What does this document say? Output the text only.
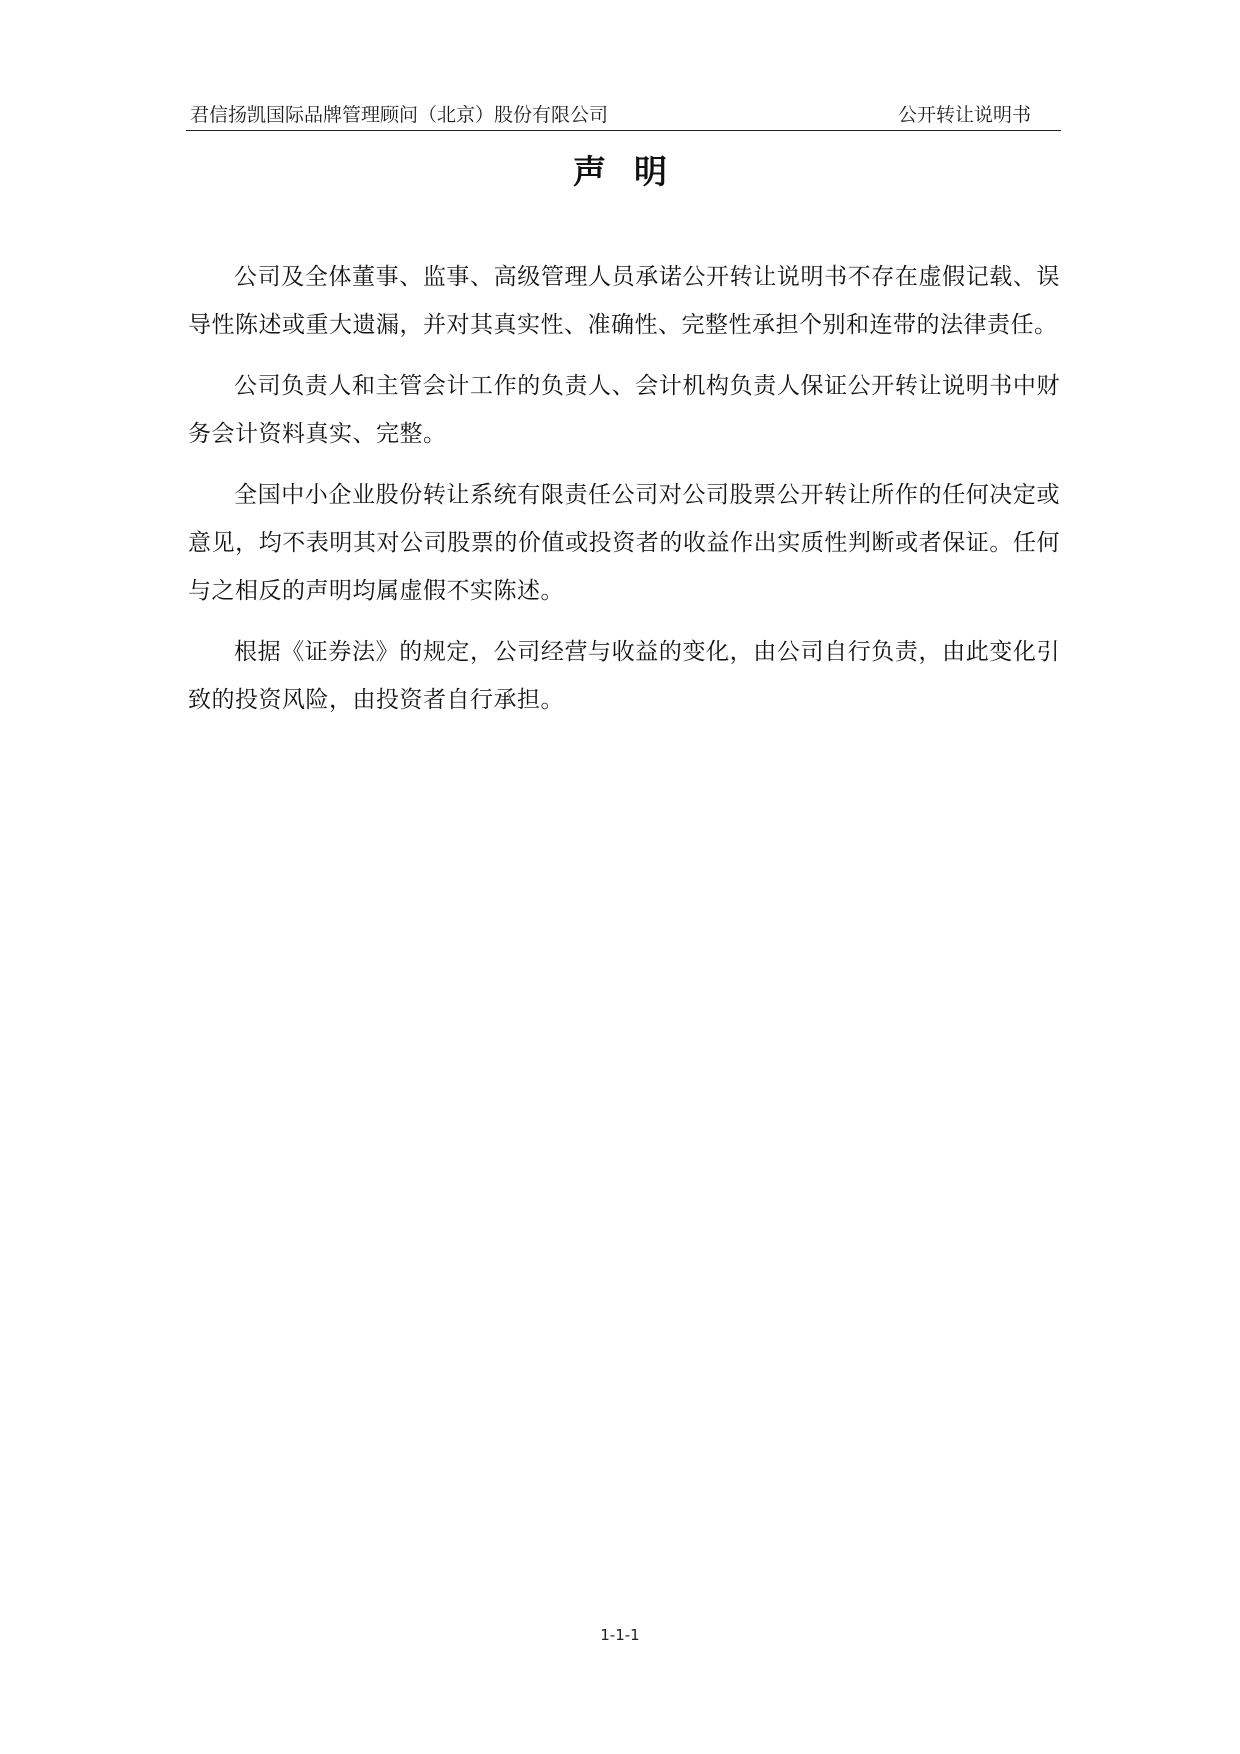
君信扬凯国际品牌管理顾问（北京）股份有限公司	公开转让说明书
声明

公司及全体董事、监事、高级管理人员承诺公开转让说明书不存在虚假记载、误导性陈述或重大遗漏，并对其真实性、准确性、完整性承担个别和连带的法律责任。

公司负责人和主管会计工作的负责人、会计机构负责人保证公开转让说明书中财务会计资料真实、完整。

全国中小企业股份转让系统有限责任公司对公司股票公开转让所作的任何决定或意见，均不表明其对公司股票的价值或投资者的收益作出实质性判断或者保证。任何与之相反的声明均属虚假不实陈述。

根据《证券法》的规定，公司经营与收益的变化，由公司自行负责，由此变化引致的投资风险，由投资者自行承担。

1-1-1
